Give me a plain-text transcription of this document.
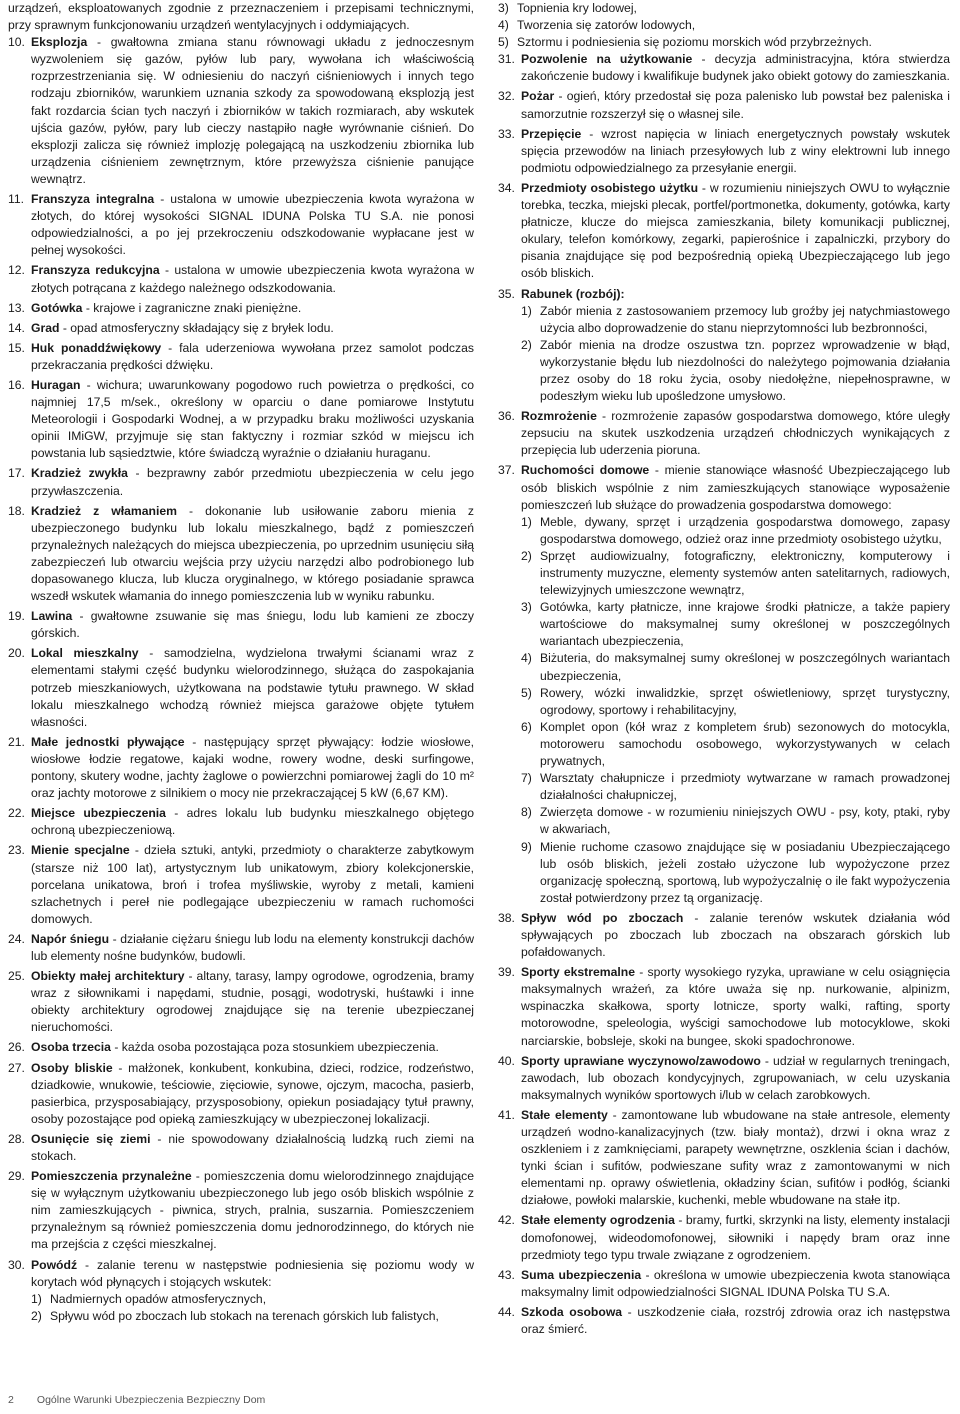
urządzeń, eksploatowanych zgodnie z przeznaczeniem i przepisami technicznymi, przy sprawnym funkcjonowaniu urządzeń wentylacyjnych i oddymiających.

10. Eksplozja - gwałtowna zmiana stanu równowagi układu z jednoczesnym wyzwoleniem się gazów, pyłów lub pary, wywołana ich właściwością rozprzestrzeniania się. W odniesieniu do naczyń ciśnieniowych i innych tego rodzaju zbiorników, warunkiem uznania szkody za spowodowaną eksplozją jest fakt rozdarcia ścian tych naczyń i zbiorników w takich rozmiarach, aby wskutek ujścia gazów, pyłów, pary lub cieczy nastąpiło nagłe wyrównanie ciśnień. Do eksplozji zalicza się również implozję polegającą na uszkodzeniu zbiornika lub urządzenia ciśnieniem zewnętrznym, które przewyższa ciśnienie panujące wewnątrz.
11. Franszyza integralna - ustalona w umowie ubezpieczenia kwota wyrażona w złotych, do której wysokości SIGNAL IDUNA Polska TU S.A. nie ponosi odpowiedzialności, a po jej przekroczeniu odszkodowanie wypłacane jest w pełnej wysokości.
12. Franszyza redukcyjna - ustalona w umowie ubezpieczenia kwota wyrażona w złotych potrącana z każdego należnego odszkodowania.
13. Gotówka - krajowe i zagraniczne znaki pieniężne.
14. Grad - opad atmosferyczny składający się z bryłek lodu.
15. Huk ponaddźwiękowy - fala uderzeniowa wywołana przez samolot podczas przekraczania prędkości dźwięku.
16. Huragan - wichura; uwarunkowany pogodowo ruch powietrza o prędkości, co najmniej 17,5 m/sek., określony w oparciu o dane pomiarowe Instytutu Meteorologii i Gospodarki Wodnej, a w przypadku braku możliwości uzyskania opinii IMiGW, przyjmuje się stan faktyczny i rozmiar szkód w miejscu ich powstania lub sąsiedztwie, które świadczą wyraźnie o działaniu huraganu.
17. Kradzież zwykła - bezprawny zabór przedmiotu ubezpieczenia w celu jego przywłaszczenia.
18. Kradzież z włamaniem - dokonanie lub usiłowanie zaboru mienia z ubezpieczonego budynku lub lokalu mieszkalnego, bądź z pomieszczeń przynależnych należących do miejsca ubezpieczenia, po uprzednim usunięciu siłą zabezpieczeń lub otwarciu wejścia przy użyciu narzędzi albo podrobionego lub dopasowanego klucza, lub klucza oryginalnego, w którego posiadanie sprawca wszedł wskutek włamania do innego pomieszczenia lub w wyniku rabunku.
19. Lawina - gwałtowne zsuwanie się mas śniegu, lodu lub kamieni ze zboczy górskich.
20. Lokal mieszkalny - samodzielna, wydzielona trwałymi ścianami wraz z elementami stałymi część budynku wielorodzinnego, służąca do zaspokajania potrzeb mieszkaniowych, użytkowana na podstawie tytułu prawnego. W skład lokalu mieszkalnego wchodzą również miejsca garażowe objęte tytułem własności.
21. Małe jednostki pływające - następujący sprzęt pływający: łodzie wiosłowe, wiosłowe łodzie regatowe, kajaki wodne, rowery wodne, deski surfingowe, pontony, skutery wodne, jachty żaglowe o powierzchni pomiarowej żagli do 10 m² oraz jachty motorowe z silnikiem o mocy nie przekraczającej 5 kW (6,67 KM).
22. Miejsce ubezpieczenia - adres lokalu lub budynku mieszkalnego objętego ochroną ubezpieczeniową.
23. Mienie specjalne - dzieła sztuki, antyki, przedmioty o charakterze zabytkowym (starsze niż 100 lat), artystycznym lub unikatowym, zbiory kolekcjonerskie, porcelana unikatowa, broń i trofea myśliwskie, wyroby z metali, kamieni szlachetnych i pereł nie podlegające ubezpieczeniu w ramach ruchomości domowych.
24. Napór śniegu - działanie ciężaru śniegu lub lodu na elementy konstrukcji dachów lub elementy nośne budynków, budowli.
25. Obiekty małej architektury - altany, tarasy, lampy ogrodowe, ogrodzenia, bramy wraz z siłownikami i napędami, studnie, posągi, wodotryski, huśtawki i inne obiekty architektury ogrodowej znajdujące się na terenie ubezpieczanej nieruchomości.
26. Osoba trzecia - każda osoba pozostająca poza stosunkiem ubezpieczenia.
27. Osoby bliskie - małżonek, konkubent, konkubina, dzieci, rodzice, rodzeństwo, dziadkowie, wnukowie, teściowie, zięciowie, synowe, ojczym, macocha, pasierb, pasierbica, przysposabiający, przysposobiony, opiekun posiadający tytuł prawny, osoby pozostające pod opieką zamieszkujący w ubezpieczonej lokalizacji.
28. Osunięcie się ziemi - nie spowodowany działalnością ludzką ruch ziemi na stokach.
29. Pomieszczenia przynależne - pomieszczenia domu wielorodzinnego znajdujące się w wyłącznym użytkowaniu ubezpieczonego lub jego osób bliskich wspólnie z nim zamieszkujących - piwnica, strych, pralnia, suszarnia. Pomieszczeniem przynależnym są również pomieszczenia domu jednorodzinnego, do których nie ma przejścia z części mieszkalnej.
30. Powódź - zalanie terenu w następstwie podniesienia się poziomu wody w korytach wód płynących i stojących wskutek:
1) Nadmiernych opadów atmosferycznych,
2) Spływu wód po zboczach lub stokach na terenach górskich lub falistych,
3) Topnienia kry lodowej,
4) Tworzenia się zatorów lodowych,
5) Sztormu i podniesienia się poziomu morskich wód przybrzeżnych.
31. Pozwolenie na użytkowanie - decyzja administracyjna, która stwierdza zakończenie budowy i kwalifikuje budynek jako obiekt gotowy do zamieszkania.
32. Pożar - ogień, który przedostał się poza palenisko lub powstał bez paleniska i samorzutnie rozszerzył się o własnej sile.
33. Przepięcie - wzrost napięcia w liniach energetycznych powstały wskutek spięcia przewodów na liniach przesyłowych lub z winy elektrowni lub innego podmiotu odpowiedzialnego za przesyłanie energii.
34. Przedmioty osobistego użytku - w rozumieniu niniejszych OWU to wyłącznie torebka, teczka, miejski plecak, portfel/portmonetka, dokumenty, gotówka, karty płatnicze, klucze do miejsca zamieszkania, bilety komunikacji publicznej, okulary, telefon komórkowy, zegarki, papierośnice i zapalniczki, przybory do pisania znajdujące się pod bezpośrednią opieką Ubezpieczającego lub jego osób bliskich.
35. Rabunek (rozbój):
1) Zabór mienia z zastosowaniem przemocy lub groźby jej natychmiastowego użycia albo doprowadzenie do stanu nieprzytomności lub bezbronności,
2) Zabór mienia na drodze oszustwa tzn. poprzez wprowadzenie w błąd, wykorzystanie błędu lub niezdolności do należytego pojmowania działania przez osoby do 18 roku życia, osoby niedołężne, niepełnosprawne, w podeszłym wieku lub upośledzone umysłowo.
36. Rozmrożenie - rozmrożenie zapasów gospodarstwa domowego, które uległy zepsuciu na skutek uszkodzenia urządzeń chłodniczych wynikających z przepięcia lub uderzenia pioruna.
37. Ruchomości domowe - mienie stanowiące własność Ubezpieczającego lub osób bliskich wspólnie z nim zamieszkujących stanowiące wyposażenie pomieszczeń lub służące do prowadzenia gospodarstwa domowego:
1) Meble, dywany, sprzęt i urządzenia gospodarstwa domowego, zapasy gospodarstwa domowego, odzież oraz inne przedmioty osobistego użytku,
2) Sprzęt audiowizualny, fotograficzny, elektroniczny, komputerowy i instrumenty muzyczne, elementy systemów anten satelitarnych, radiowych, telewizyjnych umieszczone wewnątrz,
3) Gotówka, karty płatnicze, inne krajowe środki płatnicze, a także papiery wartościowe do maksymalnej sumy określonej w poszczególnych wariantach ubezpieczenia,
4) Biżuteria, do maksymalnej sumy określonej w poszczególnych wariantach ubezpieczenia,
5) Rowery, wózki inwalidzkie, sprzęt oświetleniowy, sprzęt turystyczny, ogrodowy, sportowy i rehabilitacyjny,
6) Komplet opon (kół wraz z kompletem śrub) sezonowych do motocykla, motoroweru samochodu osobowego, wykorzystywanych w celach prywatnych,
7) Warsztaty chałupnicze i przedmioty wytwarzane w ramach prowadzonej działalności chałupniczej,
8) Zwierzęta domowe - w rozumieniu niniejszych OWU - psy, koty, ptaki, ryby w akwariach,
9) Mienie ruchome czasowo znajdujące się w posiadaniu Ubezpieczającego lub osób bliskich, jeżeli zostało użyczone lub wypożyczone przez organizację społeczną, sportową, lub wypożyczalnię o ile fakt wypożyczenia został potwierdzony przez tą organizację.
38. Spływ wód po zboczach - zalanie terenów wskutek działania wód spływających po zboczach lub zboczach na obszarach górskich lub pofałdowanych.
39. Sporty ekstremalne - sporty wysokiego ryzyka, uprawiane w celu osiągnięcia maksymalnych wrażeń, za które uważa się np. nurkowanie, alpinizm, wspinaczka skałkowa, sporty lotnicze, sporty walki, rafting, sporty motorowodne, speleologia, wyścigi samochodowe lub motocyklowe, skoki narciarskie, bobsleje, skoki na bungee, skoki spadochronowe.
40. Sporty uprawiane wyczynowo/zawodowo - udział w regularnych treningach, zawodach, lub obozach kondycyjnych, zgrupowaniach, w celu uzyskania maksymalnych wyników sportowych i/lub w celach zarobkowych.
41. Stałe elementy - zamontowane lub wbudowane na stałe antresole, elementy urządzeń wodno-kanalizacyjnych (tzw. biały montaż), drzwi i okna wraz z oszkleniem i z zamknięciami, parapety wewnętrzne, oszklenia ścian i dachów, tynki ścian i sufitów, podwieszane sufity wraz z zamontowanymi w nich elementami np. oprawy oświetlenia, okładziny ścian, sufitów i podłóg, ścianki działowe, powłoki malarskie, kuchenki, meble wbudowane na stałe itp.
42. Stałe elementy ogrodzenia - bramy, furtki, skrzynki na listy, elementy instalacji domofonowej, wideodomofonowej, siłowniki i napędy bram oraz inne przedmioty tego typu trwale związane z ogrodzeniem.
43. Suma ubezpieczenia - określona w umowie ubezpieczenia kwota stanowiąca maksymalny limit odpowiedzialności SIGNAL IDUNA Polska TU S.A.
44. Szkoda osobowa - uszkodzenie ciała, rozstrój zdrowia oraz ich następstwa oraz śmierć.
2 Ogólne Warunki Ubezpieczenia Bezpieczny Dom
